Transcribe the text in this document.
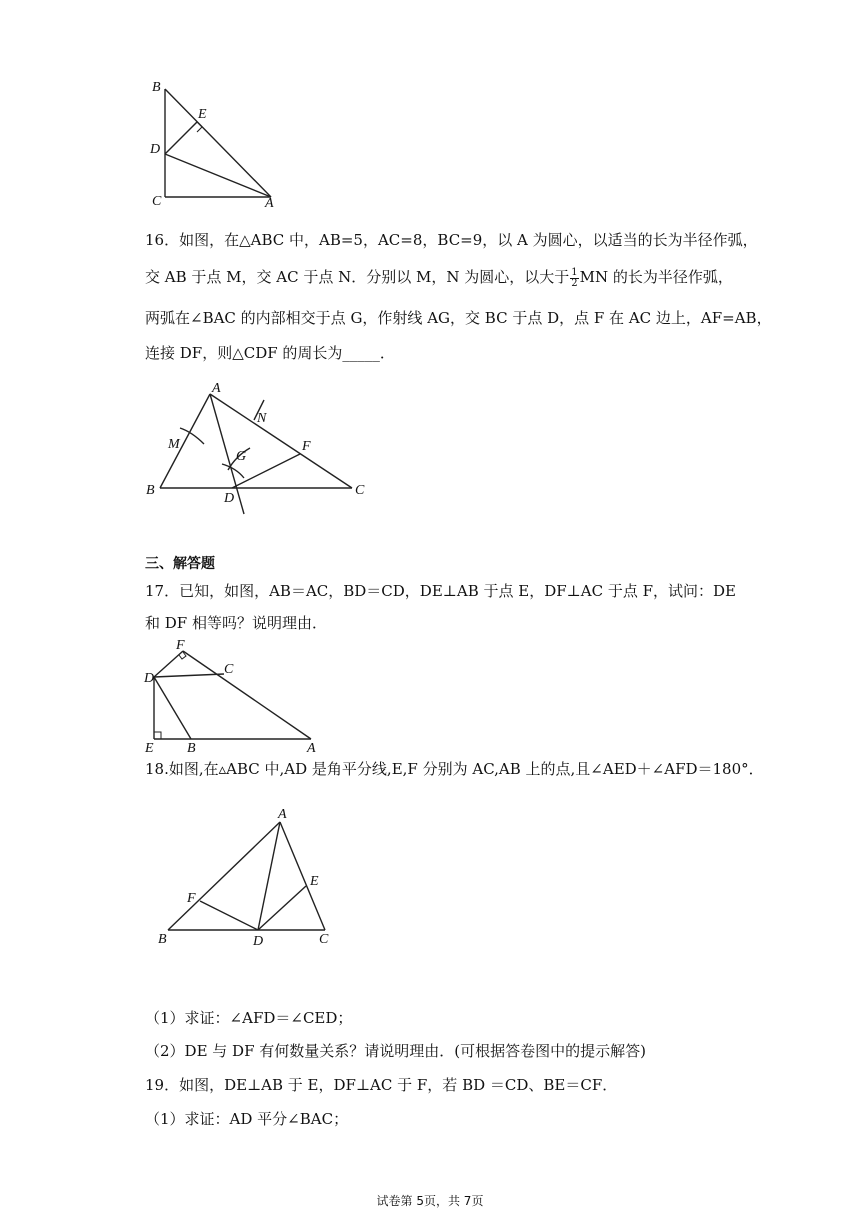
B
E
D
C	A
16．如图，在△ABC 中，AB=5，AC=8，BC=9，以 A 为圆心，以适当的长为半径作弧，
交 AB 于点 M，交 AC 于点 N．分别以 M，N 为圆心，以大于 $\frac{1}{2}$ MN 的长为半径作弧，
两弧在∠BAC 的内部相交于点 G，作射线 AG，交 BC 于点 D，点 F 在 AC 边上，AF=AB，
连接 DF，则△CDF 的周长为_____．
A
N
M
G
F
B
D
C
三、解答题
17．已知，如图，AB＝AC，BD＝CD，DE⊥AB 于点 E，DF⊥AC 于点 F，试问：DE
和 DF 相等吗？说明理由．
F
C
D
E B	A
18.如图,在▵ABC 中,AD 是角平分线,E,F 分别为 AC,AB 上的点,且∠AED＋∠AFD＝180°．
A
F
E
B	D	C
（1）求证：∠AFD＝∠CED；
（2）DE 与 DF 有何数量关系？请说明理由．(可根据答卷图中的提示解答)
19．如图，DE⊥AB 于 E，DF⊥AC 于 F，若 BD ＝CD、BE＝CF．
（1）求证：AD 平分∠BAC；
试卷第 5页，共 7页
